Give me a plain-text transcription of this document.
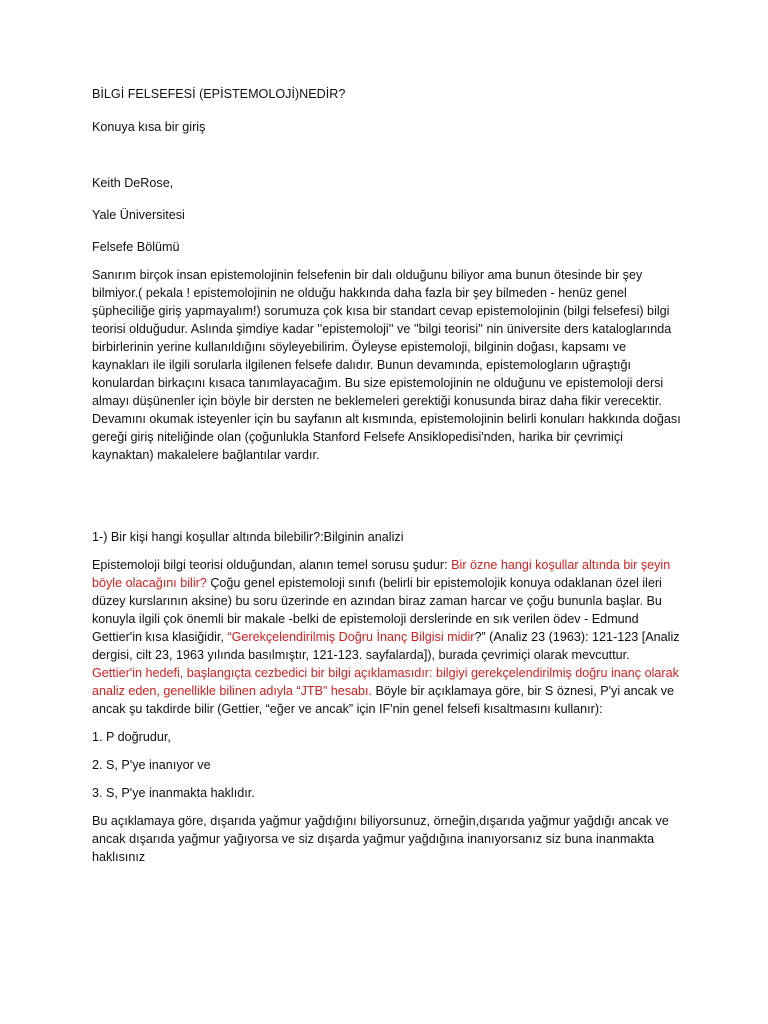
BİLGİ FELSEFESİ (EPİSTEMOLOJİ)NEDİR?

Konuya kısa bir giriş

Keith DeRose,

Yale Üniversitesi

Felsefe Bölümü

Sanırım birçok insan epistemolojinin felsefenin bir dalı olduğunu biliyor ama bunun ötesinde bir şey bilmiyor.( pekala ! epistemolojinin ne olduğu hakkında daha fazla bir şey bilmeden - henüz genel şüpheciliğe giriş yapmayalım!) sorumuza çok kısa bir standart cevap epistemolojinin (bilgi felsefesi) bilgi teorisi olduğudur. Aslında şimdiye kadar ''epistemoloji'' ve ''bilgi teorisi'' nin üniversite ders kataloglarında birbirlerinin yerine kullanıldığını söyleyebilirim. Öyleyse epistemoloji, bilginin doğası, kapsamı ve kaynakları ile ilgili sorularla ilgilenen felsefe dalıdır. Bunun devamında, epistemologların uğraştığı konulardan birkaçını kısaca tanımlayacağım. Bu size epistemolojinin ne olduğunu ve epistemoloji dersi almayı düşünenler için böyle bir dersten ne beklemeleri gerektiği konusunda biraz daha fikir verecektir. Devamını okumak isteyenler için bu sayfanın alt kısmında, epistemolojinin belirli konuları hakkında doğası gereği giriş niteliğinde olan (çoğunlukla Stanford Felsefe Ansiklopedisi'nden, harika bir çevrimiçi kaynaktan) makalelere bağlantılar vardır.

1-) Bir kişi hangi koşullar altında bilebilir?:Bilginin analizi

Epistemoloji bilgi teorisi olduğundan, alanın temel sorusu şudur: Bir özne hangi koşullar altında bir şeyin böyle olacağını bilir? Çoğu genel epistemoloji sınıfı (belirli bir epistemolojik konuya odaklanan özel ileri düzey kurslarının aksine) bu soru üzerinde en azından biraz zaman harcar ve çoğu bununla başlar. Bu konuyla ilgili çok önemli bir makale -belki de epistemoloji derslerinde en sık verilen ödev - Edmund Gettier'in kısa klasiğidir, “Gerekçelendirilmiş Doğru İnanç Bilgisi midir?” (Analiz 23 (1963): 121-123 [Analiz dergisi, cilt 23, 1963 yılında basılmıştır, 121-123. sayfalarda]), burada çevrimiçi olarak mevcuttur. Gettier'in hedefi, başlangıçta cezbedici bir bilgi açıklamasıdır: bilgiyi gerekçelendirilmiş doğru inanç olarak analiz eden, genellikle bilinen adıyla “JTB” hesabı. Böyle bir açıklamaya göre, bir S öznesi, P'yi ancak ve ancak şu takdirde bilir (Gettier, “eğer ve ancak” için IF'nin genel felsefi kısaltmasını kullanır):

1. P doğrudur,

2. S, P'ye inanıyor ve

3. S, P'ye inanmakta haklıdır.

Bu açıklamaya göre, dışarıda yağmur yağdığını biliyorsunuz, örneğin,dışarıda yağmur yağdığı ancak ve ancak dışarıda yağmur yağıyorsa ve siz dışarda yağmur yağdığına inanıyorsanız siz buna inanmakta haklısınız
